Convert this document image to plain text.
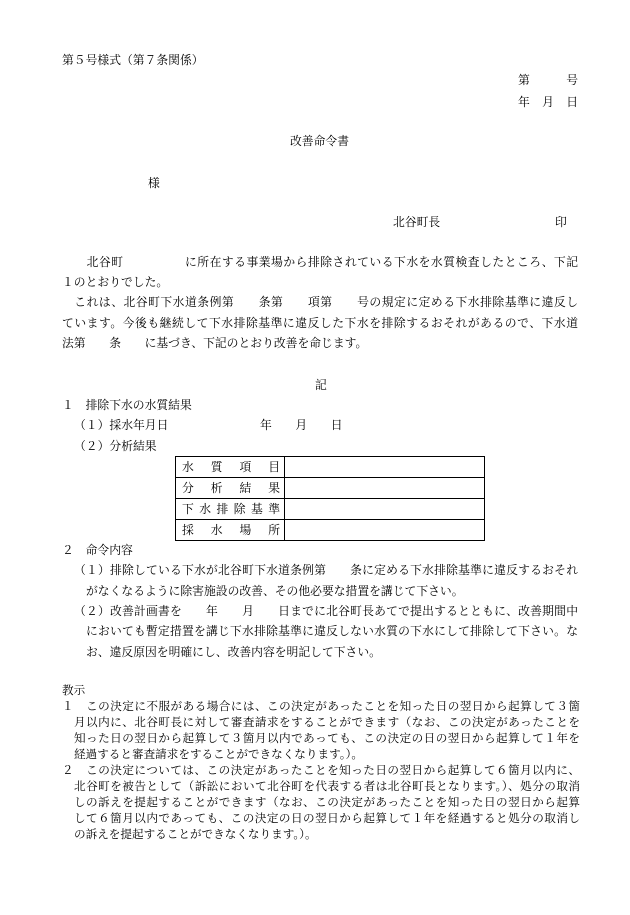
第５号様式（第７条関係）
第　　　号
年　月　日
改善命令書
様
北谷町長	印
　　北谷町　　　　　に所在する事業場から排除されている下水を水質検査したところ、下記
１のとおりでした。
　これは、北谷町下水道条例第　　条第　　項第　　号の規定に定める下水排除基準に違反し
ています。今後も継続して下水排除基準に違反した下水を排除するおそれがあるので、下水道
法第　　条　　に基づき、下記のとおり改善を命じます。
記
１　排除下水の水質結果
（１）採水年月日	年　　月　　日
（２）分析結果
水　質　項　目	
分　析　結　果	
下水排除基準	
採　水　場　所	
２　命令内容
（１）排除している下水が北谷町下水道条例第　　条に定める下水排除基準に違反するおそれ
がなくなるように除害施設の改善、その他必要な措置を講じて下さい。
（２）改善計画書を　　年　　月　　日までに北谷町長あてで提出するとともに、改善期間中
においても暫定措置を講じ下水排除基準に違反しない水質の下水にして排除して下さい。な
お、違反原因を明確にし、改善内容を明記して下さい。
教示
１　この決定に不服がある場合には、この決定があったことを知った日の翌日から起算して３箇
月以内に、北谷町長に対して審査請求をすることができます（なお、この決定があったことを
知った日の翌日から起算して３箇月以内であっても、この決定の日の翌日から起算して１年を
経過すると審査請求をすることができなくなります。）。
２　この決定については、この決定があったことを知った日の翌日から起算して６箇月以内に、
北谷町を被告として（訴訟において北谷町を代表する者は北谷町長となります。）、処分の取消
しの訴えを提起することができます（なお、この決定があったことを知った日の翌日から起算
して６箇月以内であっても、この決定の日の翌日から起算して１年を経過すると処分の取消し
の訴えを提起することができなくなります。）。
